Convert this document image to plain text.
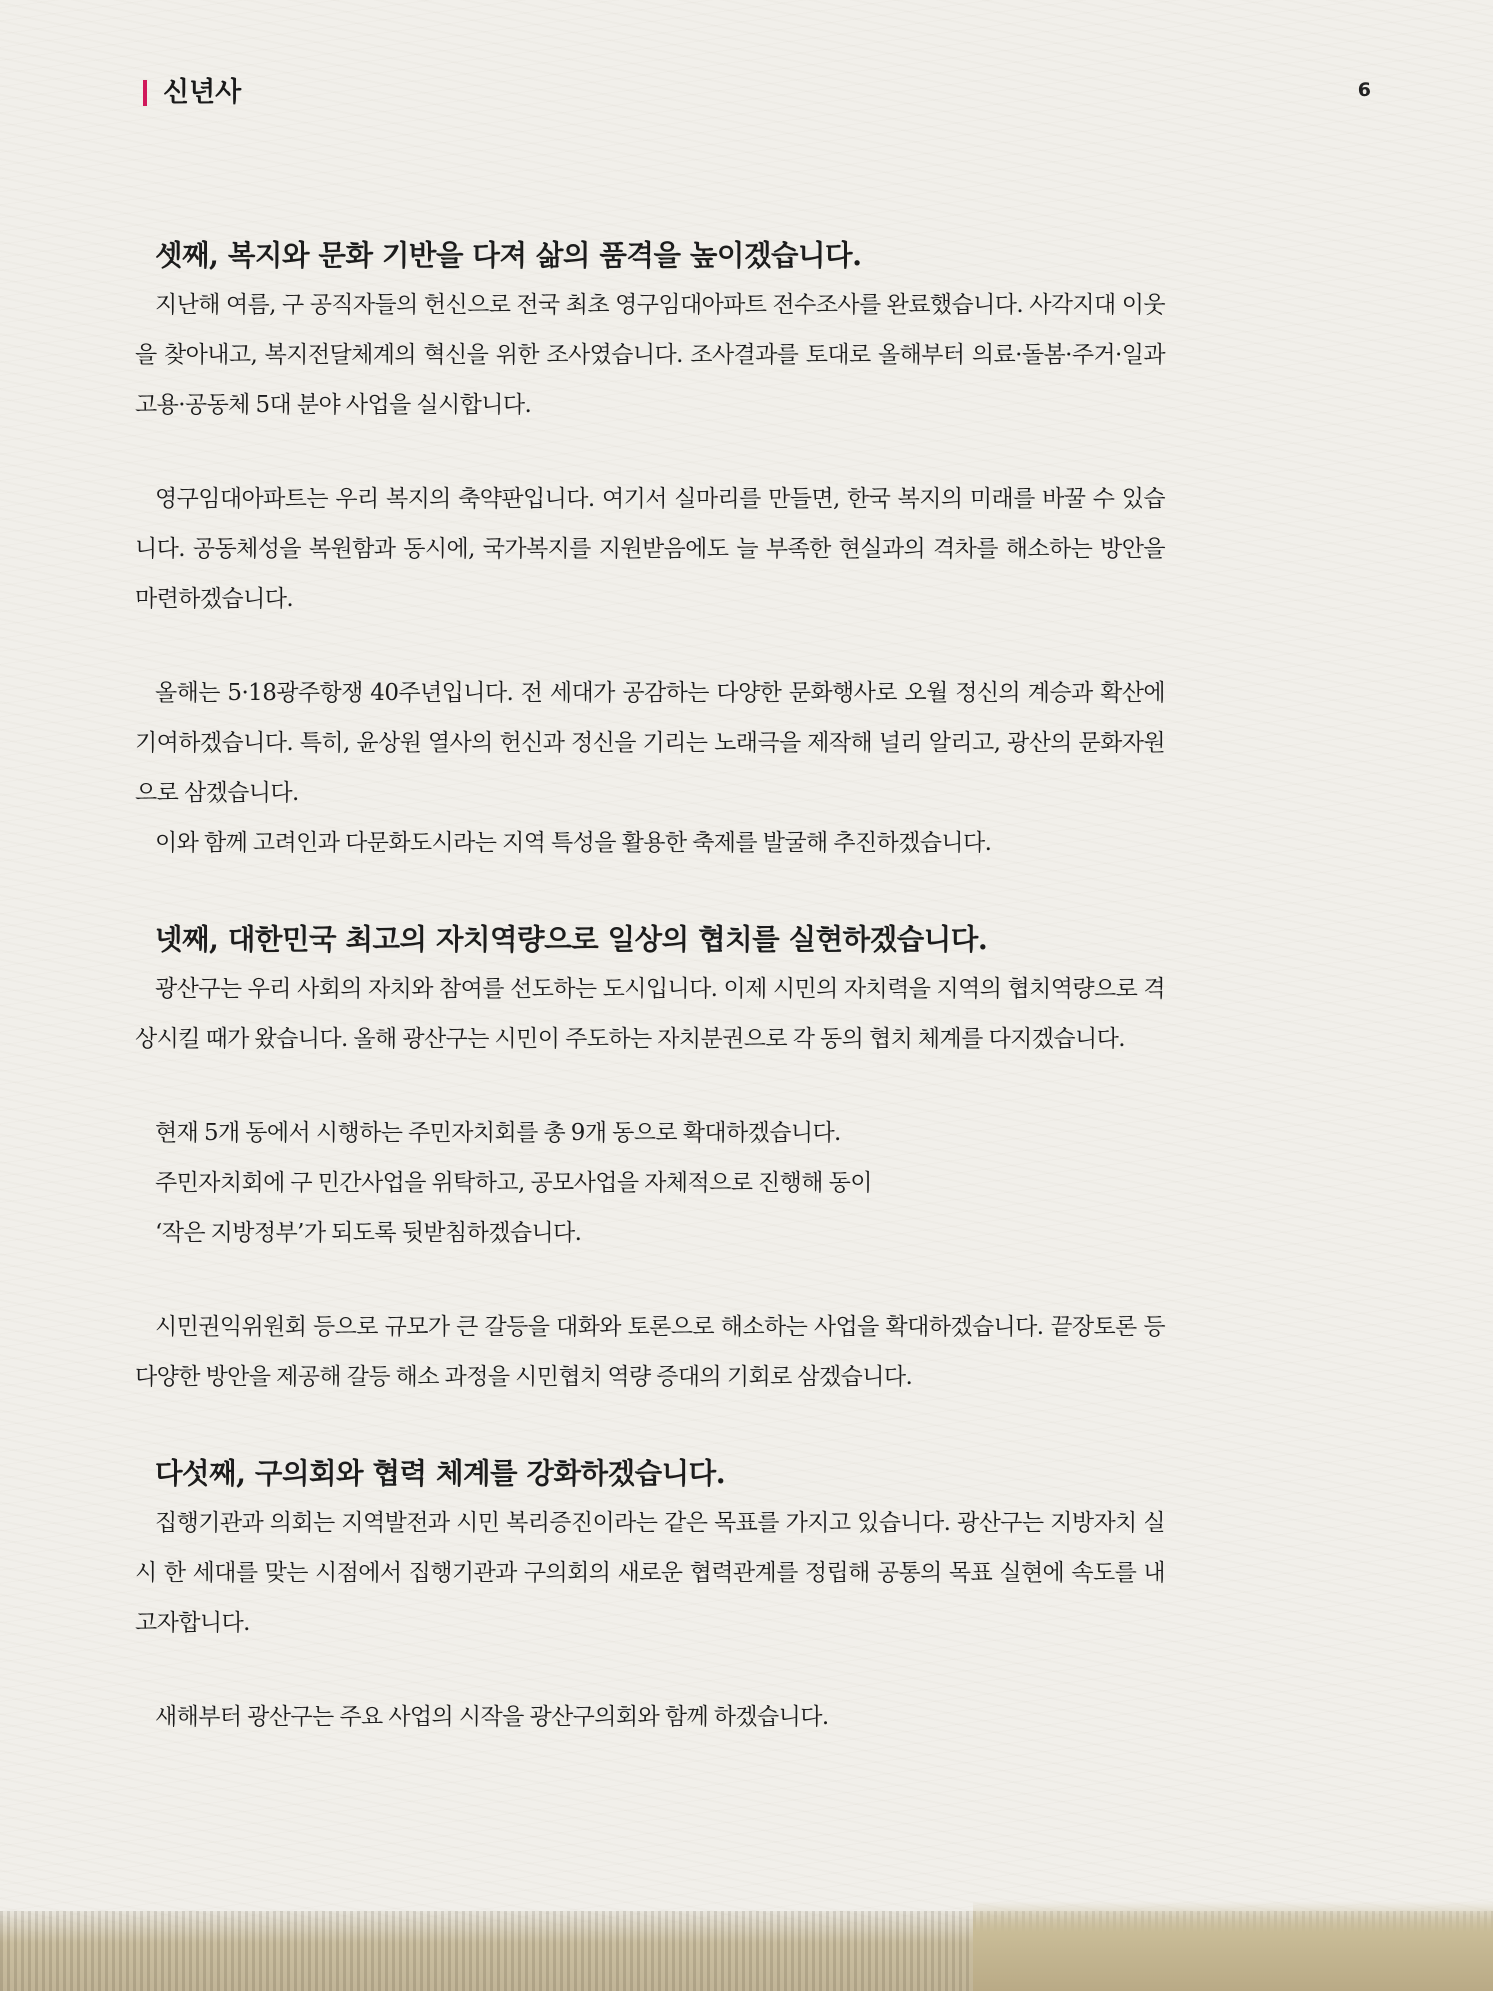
신년사	6
셋째, 복지와 문화 기반을 다져 삶의 품격을 높이겠습니다.

지난해 여름, 구 공직자들의 헌신으로 전국 최초 영구임대아파트 전수조사를 완료했습니다. 사각지대 이웃을 찾아내고, 복지전달체계의 혁신을 위한 조사였습니다. 조사결과를 토대로 올해부터 의료·돌봄·주거·일과 고용·공동체 5대 분야 사업을 실시합니다.

영구임대아파트는 우리 복지의 축약판입니다. 여기서 실마리를 만들면, 한국 복지의 미래를 바꿀 수 있습니다. 공동체성을 복원함과 동시에, 국가복지를 지원받음에도 늘 부족한 현실과의 격차를 해소하는 방안을 마련하겠습니다.

올해는 5·18광주항쟁 40주년입니다. 전 세대가 공감하는 다양한 문화행사로 오월 정신의 계승과 확산에 기여하겠습니다. 특히, 윤상원 열사의 헌신과 정신을 기리는 노래극을 제작해 널리 알리고, 광산의 문화자원으로 삼겠습니다.

이와 함께 고려인과 다문화도시라는 지역 특성을 활용한 축제를 발굴해 추진하겠습니다.

넷째, 대한민국 최고의 자치역량으로 일상의 협치를 실현하겠습니다.

광산구는 우리 사회의 자치와 참여를 선도하는 도시입니다. 이제 시민의 자치력을 지역의 협치역량으로 격상시킬 때가 왔습니다. 올해 광산구는 시민이 주도하는 자치분권으로 각 동의 협치 체계를 다지겠습니다.

현재 5개 동에서 시행하는 주민자치회를 총 9개 동으로 확대하겠습니다.

주민자치회에 구 민간사업을 위탁하고, 공모사업을 자체적으로 진행해 동이

‘작은 지방정부’가 되도록 뒷받침하겠습니다.

시민권익위원회 등으로 규모가 큰 갈등을 대화와 토론으로 해소하는 사업을 확대하겠습니다. 끝장토론 등 다양한 방안을 제공해 갈등 해소 과정을 시민협치 역량 증대의 기회로 삼겠습니다.

다섯째, 구의회와 협력 체계를 강화하겠습니다.

집행기관과 의회는 지역발전과 시민 복리증진이라는 같은 목표를 가지고 있습니다. 광산구는 지방자치 실시 한 세대를 맞는 시점에서 집행기관과 구의회의 새로운 협력관계를 정립해 공통의 목표 실현에 속도를 내고자합니다.

새해부터 광산구는 주요 사업의 시작을 광산구의회와 함께 하겠습니다.
